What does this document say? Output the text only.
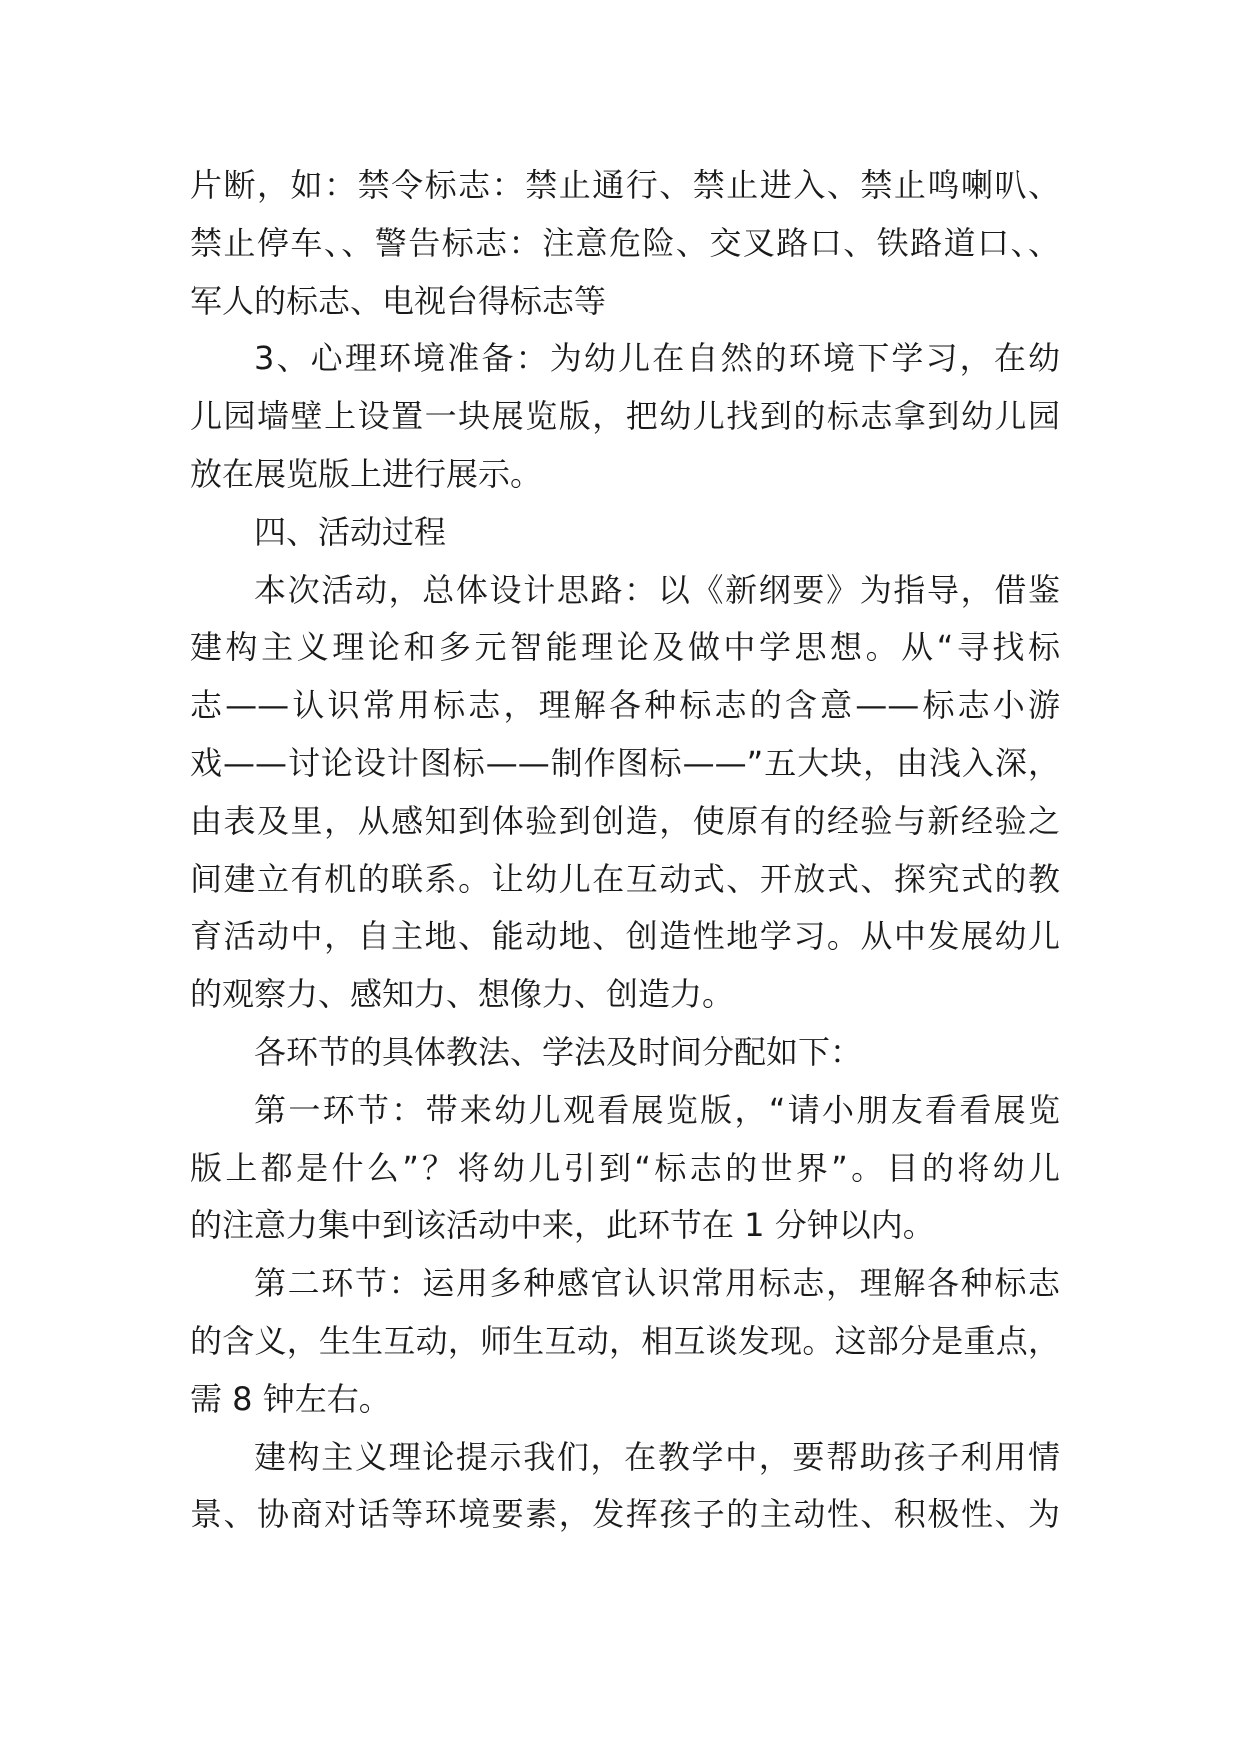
片断，如：禁令标志：禁止通行、禁止进入、禁止鸣喇叭、
禁止停车、、警告标志：注意危险、交叉路口、铁路道口、、
军人的标志、电视台得标志等
3、心理环境准备：为幼儿在自然的环境下学习，在幼
儿园墙壁上设置一块展览版，把幼儿找到的标志拿到幼儿园
放在展览版上进行展示。
四、活动过程
本次活动，总体设计思路：以《新纲要》为指导，借鉴
建构主义理论和多元智能理论及做中学思想。从“寻找标
志——认识常用标志，理解各种标志的含意——标志小游
戏——讨论设计图标——制作图标——”五大块，由浅入深，
由表及里，从感知到体验到创造，使原有的经验与新经验之
间建立有机的联系。让幼儿在互动式、开放式、探究式的教
育活动中，自主地、能动地、创造性地学习。从中发展幼儿
的观察力、感知力、想像力、创造力。
各环节的具体教法、学法及时间分配如下：
第一环节：带来幼儿观看展览版，“请小朋友看看展览
版上都是什么”？将幼儿引到“标志的世界”。目的将幼儿
的注意力集中到该活动中来，此环节在 1 分钟以内。
第二环节：运用多种感官认识常用标志，理解各种标志
的含义，生生互动，师生互动，相互谈发现。这部分是重点，
需 8 钟左右。
建构主义理论提示我们，在教学中，要帮助孩子利用情
景、协商对话等环境要素，发挥孩子的主动性、积极性、为
